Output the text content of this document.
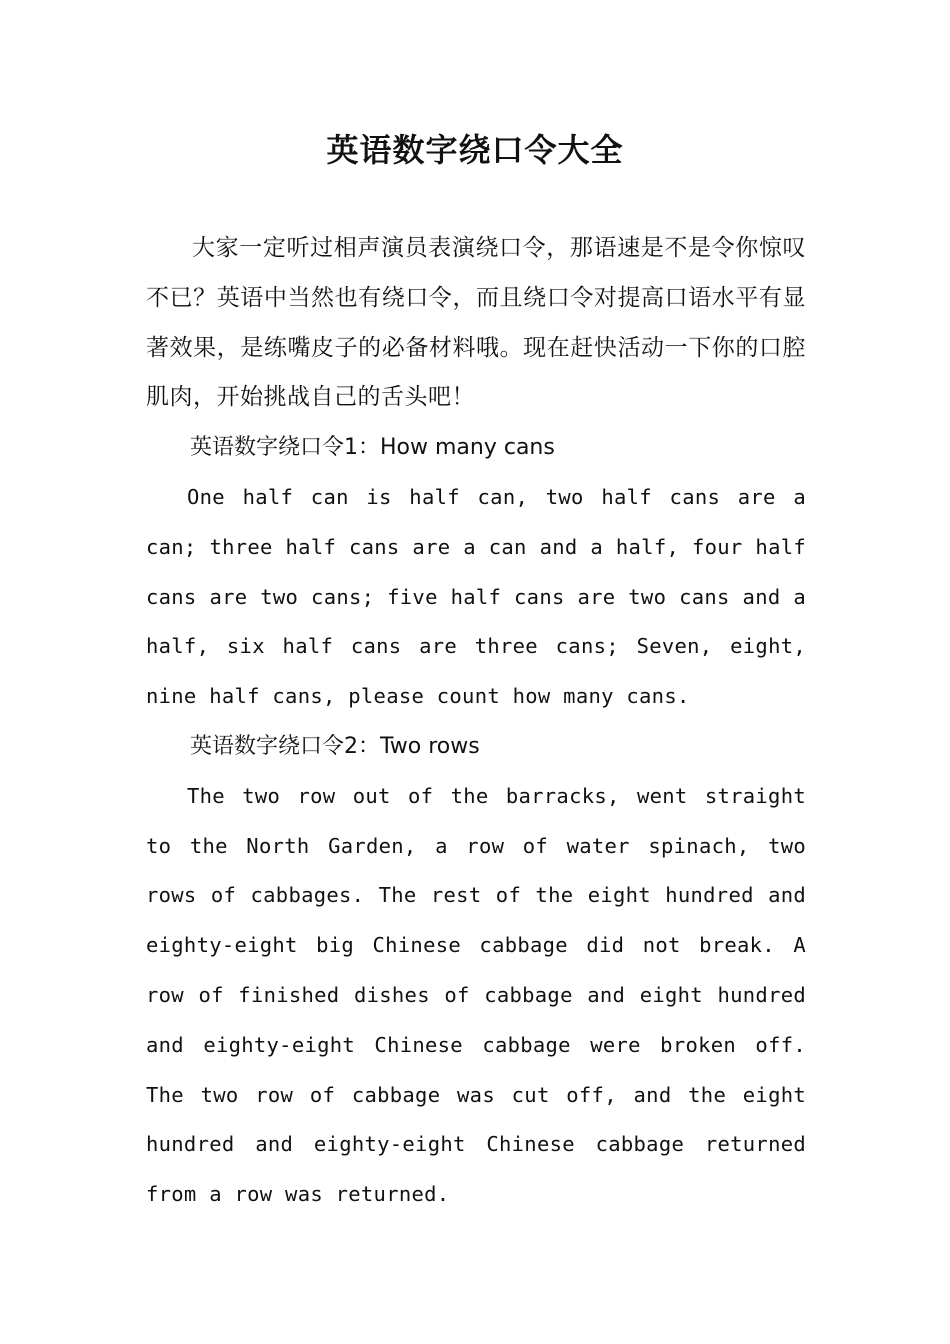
英语数字绕口令大全

大家一定听过相声演员表演绕口令，那语速是不是令你惊叹不已？英语中当然也有绕口令，而且绕口令对提高口语水平有显著效果，是练嘴皮子的必备材料哦。现在赶快活动一下你的口腔肌肉，开始挑战自己的舌头吧！

英语数字绕口令1：How many cans

One half can is half can, two half cans are a can; three half cans are a can and a half, four half cans are two cans; five half cans are two cans and a half, six half cans are three cans; Seven, eight, nine half cans, please count how many cans.

英语数字绕口令2：Two rows

The two row out of the barracks, went straight to the North Garden, a row of water spinach, two rows of cabbages. The rest of the eight hundred and eighty-eight big Chinese cabbage did not break. A row of finished dishes of cabbage and eight hundred and eighty-eight Chinese cabbage were broken off. The two row of cabbage was cut off, and the eight hundred and eighty-eight Chinese cabbage returned from a row was returned.
